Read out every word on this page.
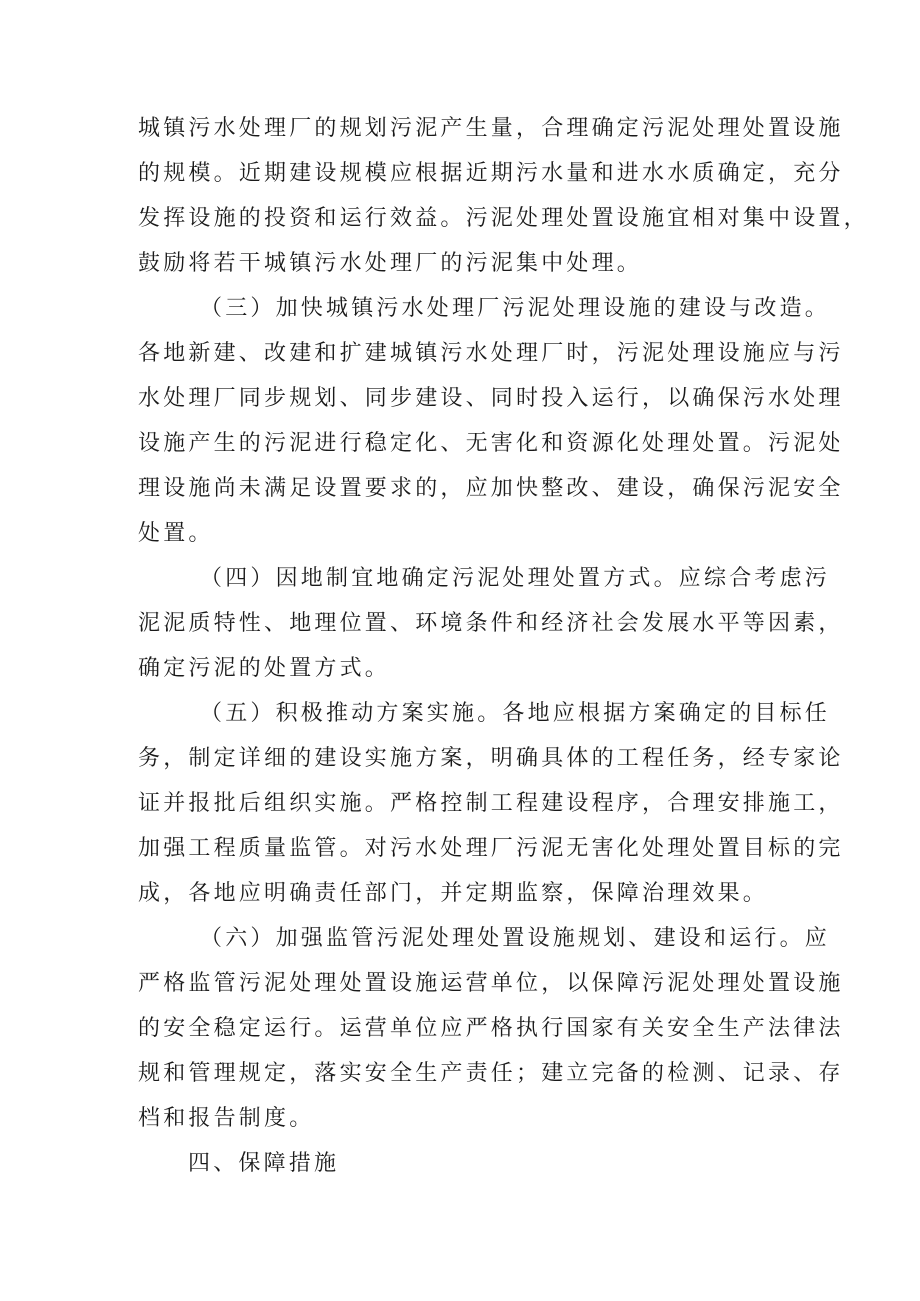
城镇污水处理厂的规划污泥产生量，合理确定污泥处理处置设施
的规模。近期建设规模应根据近期污水量和进水水质确定，充分
发挥设施的投资和运行效益。污泥处理处置设施宜相对集中设置，
鼓励将若干城镇污水处理厂的污泥集中处理。
（三）加快城镇污水处理厂污泥处理设施的建设与改造。
各地新建、改建和扩建城镇污水处理厂时，污泥处理设施应与污
水处理厂同步规划、同步建设、同时投入运行，以确保污水处理
设施产生的污泥进行稳定化、无害化和资源化处理处置。污泥处
理设施尚未满足设置要求的，应加快整改、建设，确保污泥安全
处置。
（四）因地制宜地确定污泥处理处置方式。应综合考虑污
泥泥质特性、地理位置、环境条件和经济社会发展水平等因素，
确定污泥的处置方式。
（五）积极推动方案实施。各地应根据方案确定的目标任
务，制定详细的建设实施方案，明确具体的工程任务，经专家论
证并报批后组织实施。严格控制工程建设程序，合理安排施工，
加强工程质量监管。对污水处理厂污泥无害化处理处置目标的完
成，各地应明确责任部门，并定期监察，保障治理效果。
（六）加强监管污泥处理处置设施规划、建设和运行。应
严格监管污泥处理处置设施运营单位，以保障污泥处理处置设施
的安全稳定运行。运营单位应严格执行国家有关安全生产法律法
规和管理规定，落实安全生产责任；建立完备的检测、记录、存
档和报告制度。
四、保障措施
